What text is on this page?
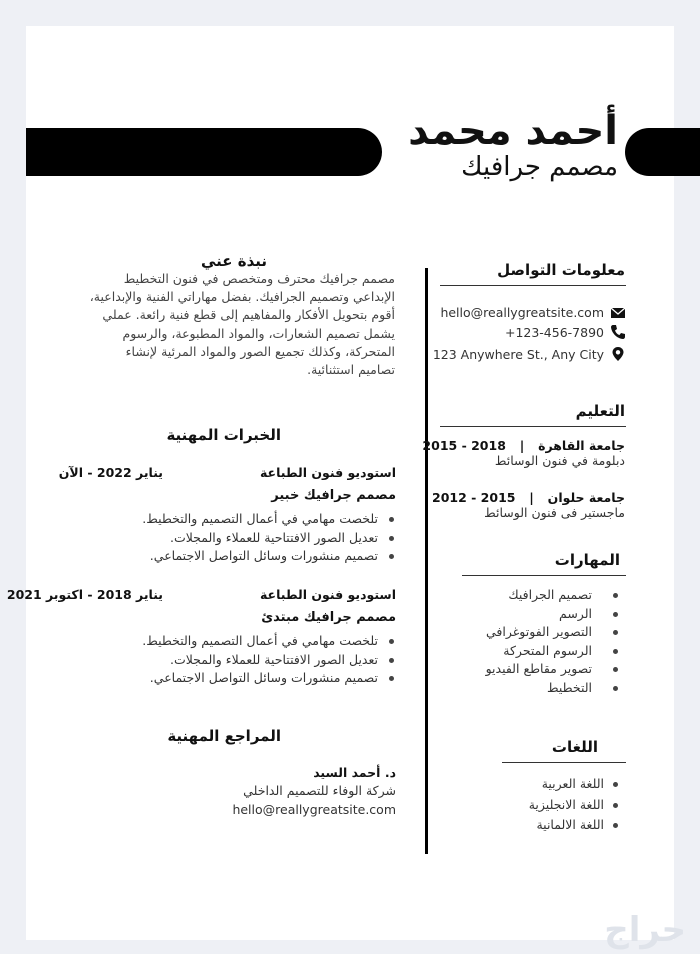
أحمد محمد
مصمم جرافيك
معلومات التواصل
hello@reallygreatsite.com
+123-456-7890
123 Anywhere St., Any City
التعليم
جامعة القاهرة   |   2015 - 2018
دبلومة في فنون الوسائط
جامعة حلوان   |   2012 - 2015
ماجستير فى فنون الوسائط
المهارات
تصميم الجرافيك
الرسم
التصوير الفوتوغرافي
الرسوم المتحركة
تصوير مقاطع الفيديو
التخطيط
اللغات
اللغة العربية
اللغة الانجليزية
اللغة الالمانية
نبذة عني
مصمم جرافيك محترف ومتخصص في فنون التخطيط
الإبداعي وتصميم الجرافيك. بفضل مهاراتي الفنية والإبداعية،
أقوم بتحويل الأفكار والمفاهيم إلى قطع فنية رائعة. عملي
يشمل تصميم الشعارات، والمواد المطبوعة، والرسوم
المتحركة، وكذلك تجميع الصور والمواد المرئية لإنشاء
تصاميم استثنائية.
الخبرات المهنية
استوديو فنون الطباعة
يناير 2022 - الآن
مصمم جرافيك خبير
تلخصت مهامي في أعمال التصميم والتخطيط.
تعديل الصور الافتتاحية للعملاء والمجلات.
تصميم منشورات وسائل التواصل الاجتماعي.
استوديو فنون الطباعة
يناير 2018 - اكتوبر 2021
مصمم جرافيك مبتدئ
تلخصت مهامي في أعمال التصميم والتخطيط.
تعديل الصور الافتتاحية للعملاء والمجلات.
تصميم منشورات وسائل التواصل الاجتماعي.
المراجع المهنية
د. أحمد السيد
شركة الوفاء للتصميم الداخلي
hello@reallygreatsite.com
حراج
